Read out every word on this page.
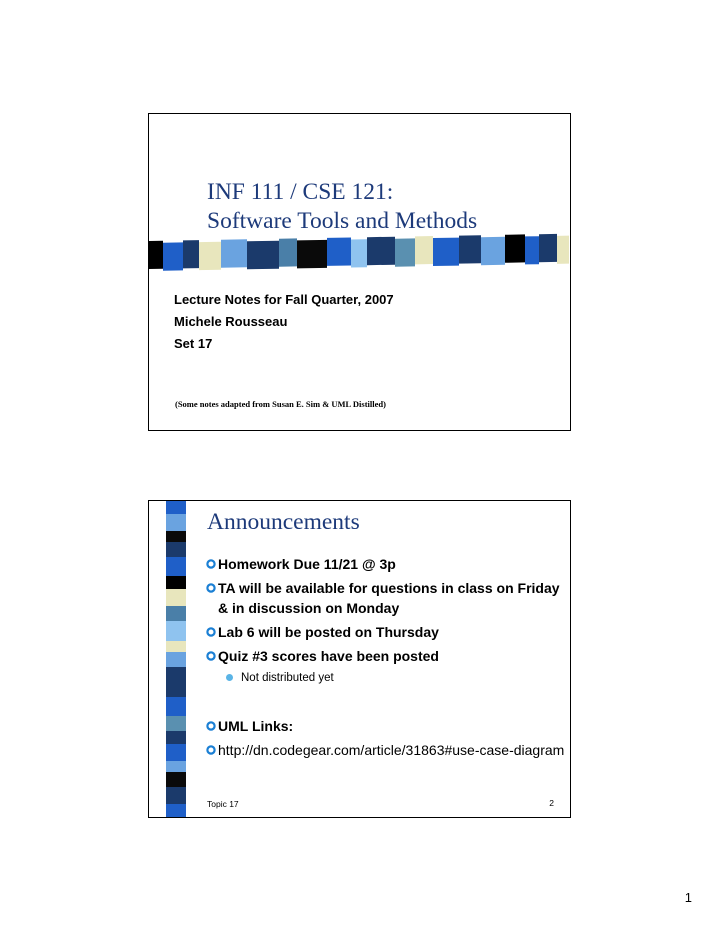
INF 111 / CSE 121:
Software Tools and Methods
Lecture Notes for Fall Quarter, 2007
Michele Rousseau
Set 17
(Some notes adapted from Susan E. Sim & UML Distilled)
Announcements
Homework Due 11/21 @ 3p
TA will be available for questions in class on Friday & in discussion on Monday
Lab 6 will be posted on Thursday
Quiz #3 scores have been posted
Not distributed yet
UML Links:
http://dn.codegear.com/article/31863#use-case-diagram
Topic 17	2
1
